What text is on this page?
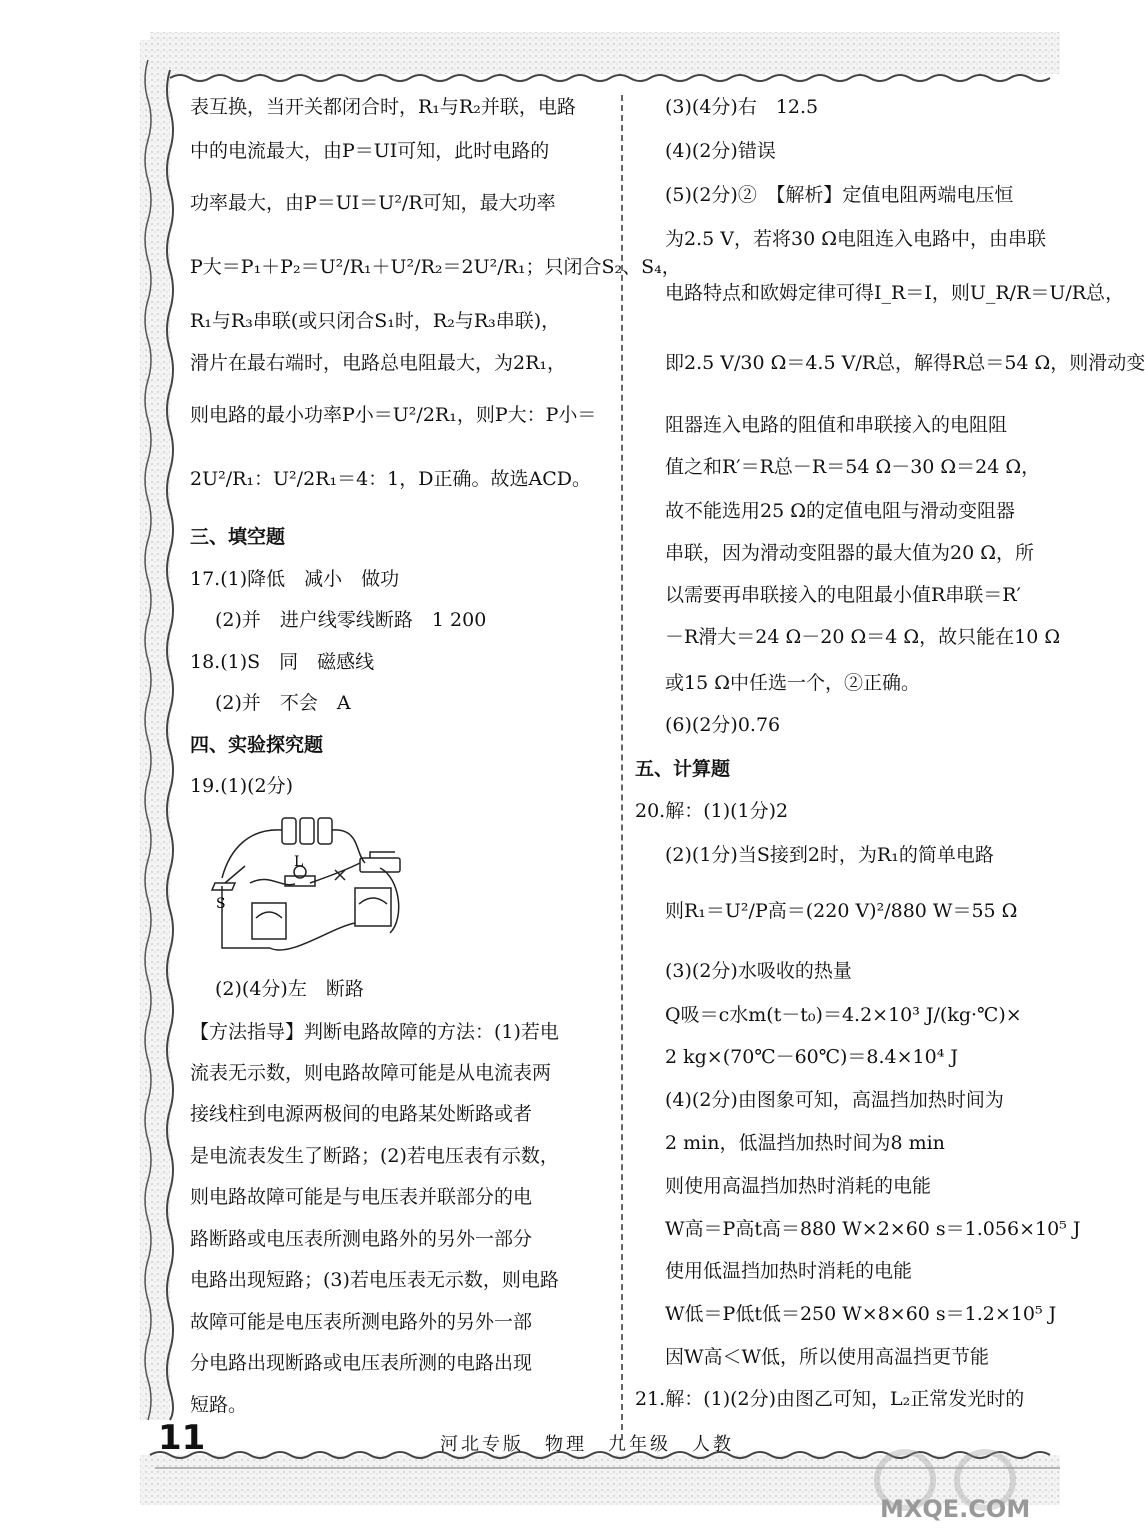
表互换，当开关都闭合时，R₁与R₂并联，电路
中的电流最大，由P＝UI可知，此时电路的
功率最大，由P＝UI＝U²/R可知，最大功率
P大＝P₁＋P₂＝U²/R₁＋U²/R₂＝2U²/R₁；只闭合S₂、S₄，
R₁与R₃串联(或只闭合S₁时，R₂与R₃串联)，
滑片在最右端时，电路总电阻最大，为2R₁，
则电路的最小功率P小＝U²/2R₁，则P大：P小＝
2U²/R₁：U²/2R₁＝4：1，D正确。故选ACD。
三、填空题
17.(1)降低　减小　做功
(2)并　进户线零线断路　1 200
18.(1)S　同　磁感线
(2)并　不会　A
四、实验探究题
19.(1)(2分)
(2)(4分)左　断路
【方法指导】判断电路故障的方法：(1)若电
流表无示数，则电路故障可能是从电流表两
接线柱到电源两极间的电路某处断路或者
是电流表发生了断路；(2)若电压表有示数，
则电路故障可能是与电压表并联部分的电
路断路或电压表所测电路外的另外一部分
电路出现短路；(3)若电压表无示数，则电路
故障可能是电压表所测电路外的另外一部
分电路出现断路或电压表所测的电路出现
短路。
L
S
(3)(4分)右　12.5
(4)(2分)错误
(5)(2分)②　【解析】定值电阻两端电压恒
为2.5 V，若将30 Ω电阻连入电路中，由串联
电路特点和欧姆定律可得I_R＝I，则U_R/R＝U/R总，
即2.5 V/30 Ω＝4.5 V/R总，解得R总＝54 Ω，则滑动变
阻器连入电路的阻值和串联接入的电阻阻
值之和R′＝R总－R＝54 Ω－30 Ω＝24 Ω，
故不能选用25 Ω的定值电阻与滑动变阻器
串联，因为滑动变阻器的最大值为20 Ω，所
以需要再串联接入的电阻最小值R串联＝R′
－R滑大＝24 Ω－20 Ω＝4 Ω，故只能在10 Ω
或15 Ω中任选一个，②正确。
(6)(2分)0.76
五、计算题
20.解：(1)(1分)2
(2)(1分)当S接到2时，为R₁的简单电路
则R₁＝U²/P高＝(220 V)²/880 W＝55 Ω
(3)(2分)水吸收的热量
Q吸＝c水m(t－t₀)＝4.2×10³ J/(kg·℃)×
2 kg×(70℃－60℃)＝8.4×10⁴ J
(4)(2分)由图象可知，高温挡加热时间为
2 min，低温挡加热时间为8 min
则使用高温挡加热时消耗的电能
W高＝P高t高＝880 W×2×60 s＝1.056×10⁵ J
使用低温挡加热时消耗的电能
W低＝P低t低＝250 W×8×60 s＝1.2×10⁵ J
因W高＜W低，所以使用高温挡更节能
21.解：(1)(2分)由图乙可知，L₂正常发光时的
11	河北专版　物理　九年级　人教
MXQE.COM
